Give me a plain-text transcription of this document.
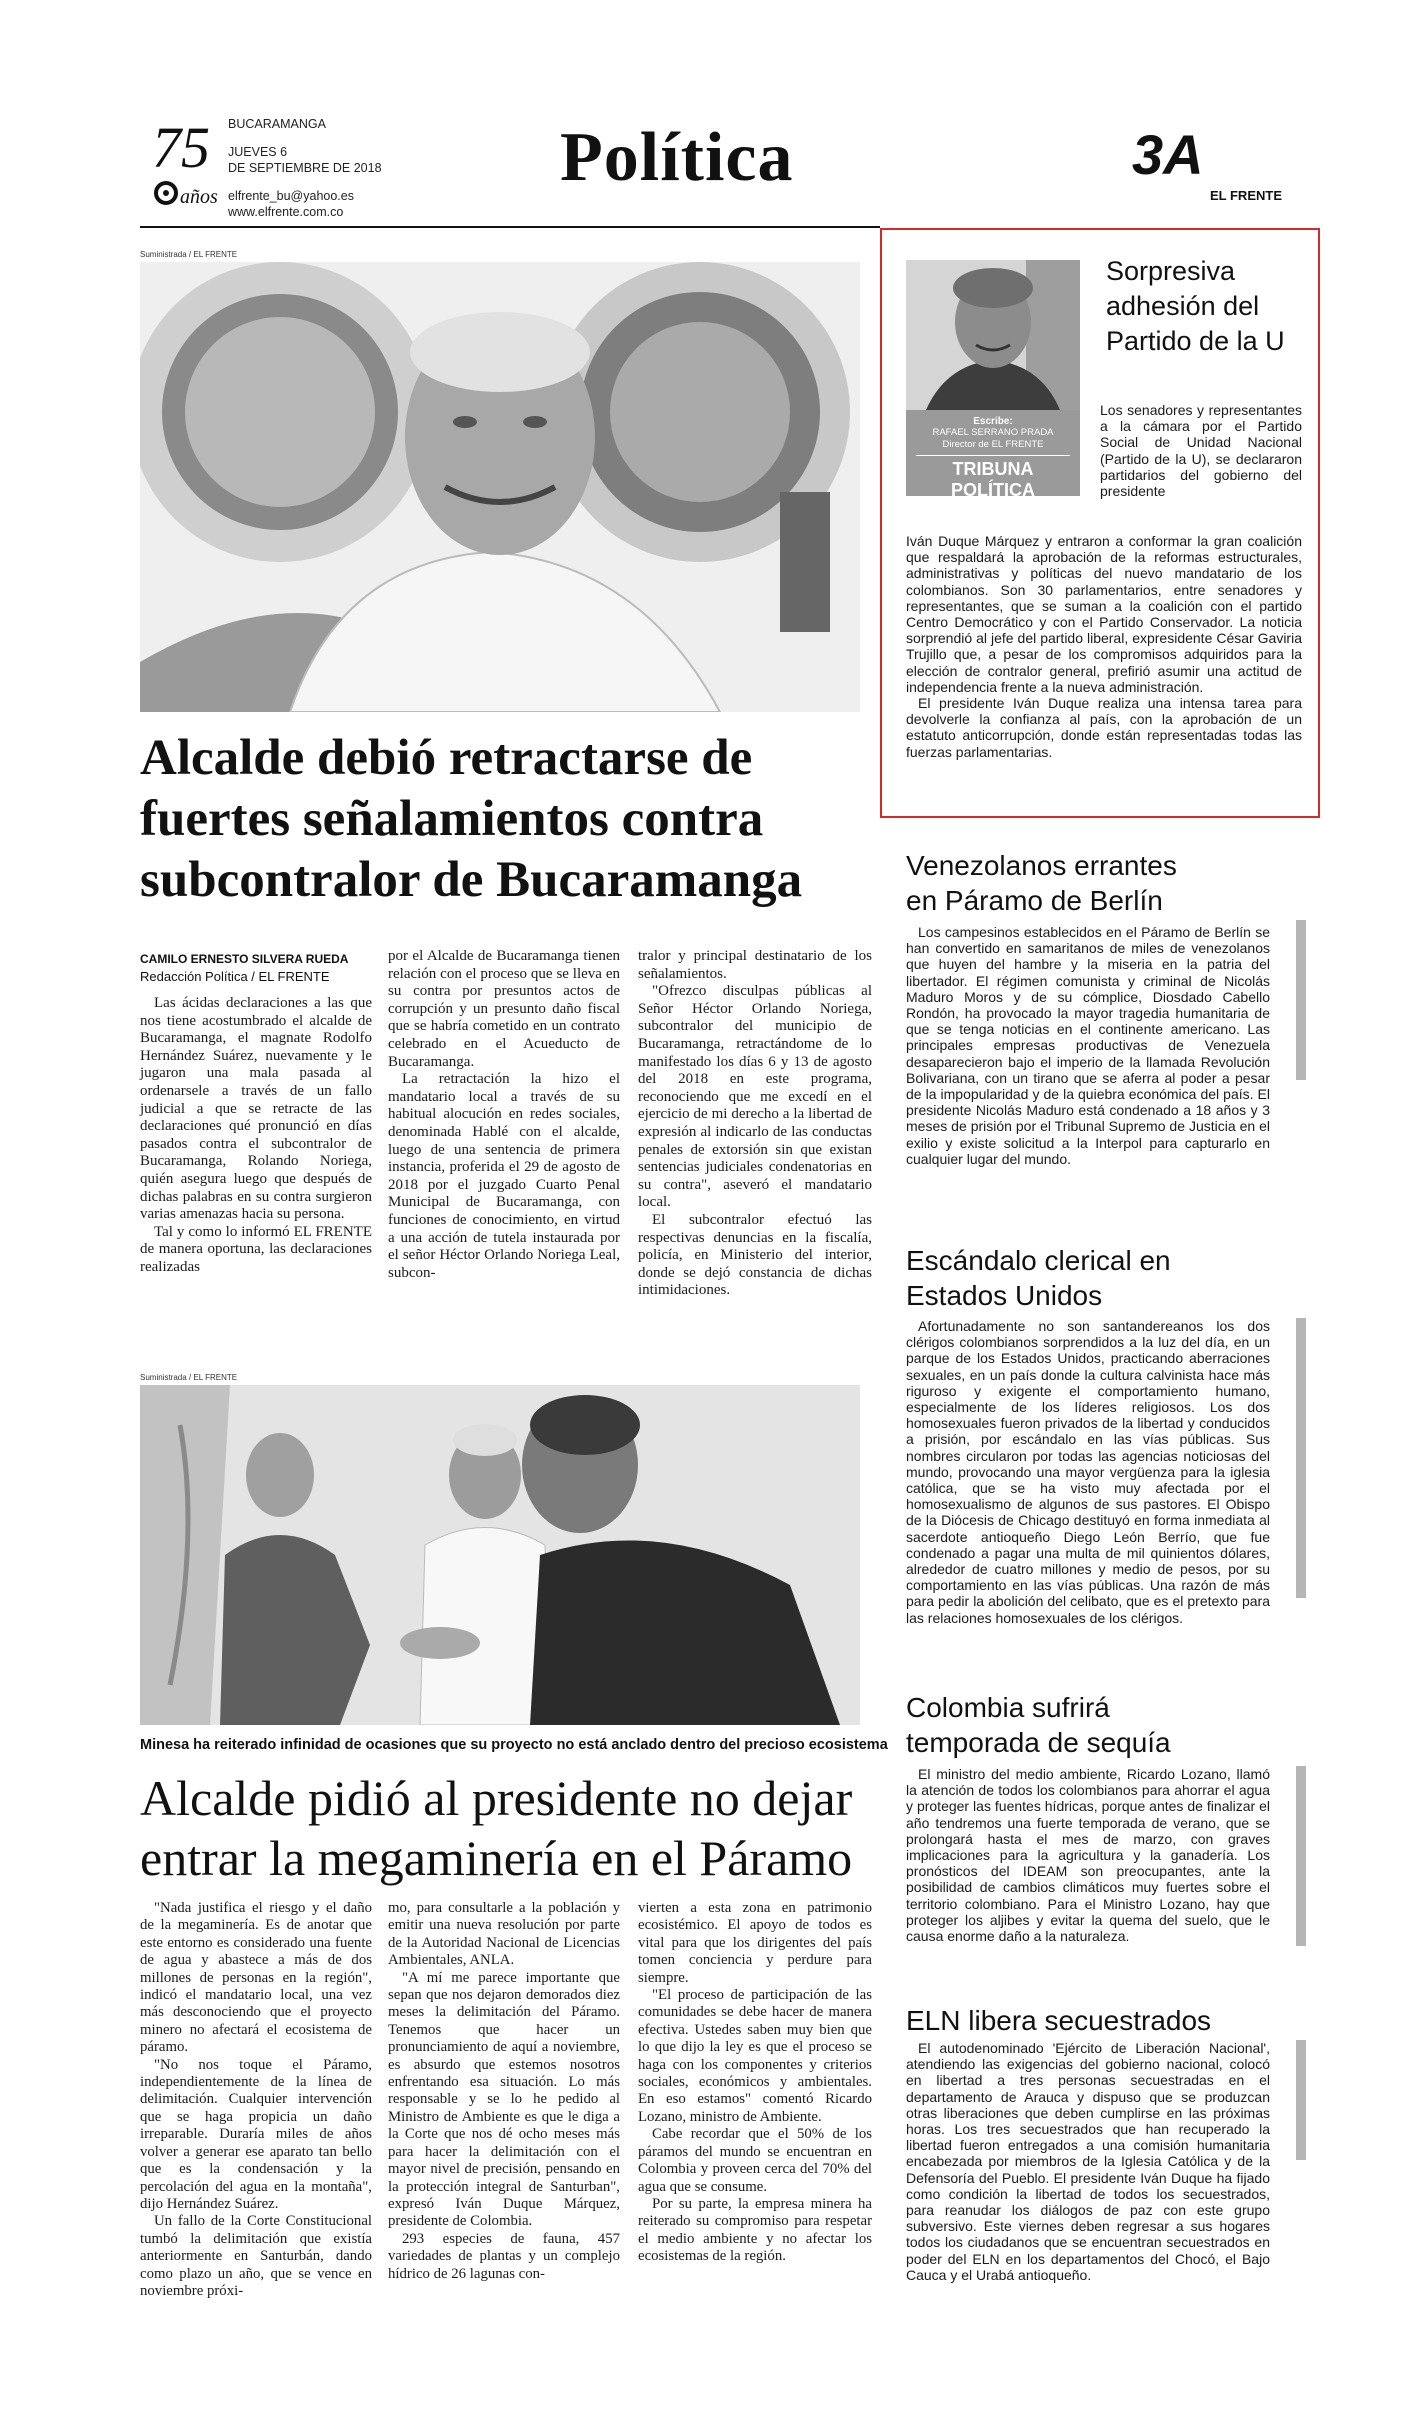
75
años
BUCARAMANGA
JUEVES 6
DE SEPTIEMBRE DE 2018
elfrente_bu@yahoo.es
www.elfrente.com.co
Política	3A
EL FRENTE
Suministrada / EL FRENTE
Alcalde debió retractarse de fuertes señalamientos contra subcontralor de Bucaramanga
CAMILO ERNESTO SILVERA RUEDA
Redacción Política / EL FRENTE

Las ácidas declaraciones a las que nos tiene acostumbrado el alcalde de Bucaramanga, el magnate Rodolfo Hernández Suárez, nuevamente y le jugaron una mala pasada al ordenarsele a través de un fallo judicial a que se retracte de las declaraciones qué pronunció en días pasados contra el subcontralor de Bucaramanga, Rolando Noriega, quién asegura luego que después de dichas palabras en su contra surgieron varias amenazas hacia su persona.

Tal y como lo informó EL FRENTE de manera oportuna, las declaraciones realizadas

por el Alcalde de Bucaramanga tienen relación con el proceso que se lleva en su contra por presuntos actos de corrupción y un presunto daño fiscal que se habría cometido en un contrato celebrado en el Acueducto de Bucaramanga.

La retractación la hizo el mandatario local a través de su habitual alocución en redes sociales, denominada Hablé con el alcalde, luego de una sentencia de primera instancia, proferida el 29 de agosto de 2018 por el juzgado Cuarto Penal Municipal de Bucaramanga, con funciones de conocimiento, en virtud a una acción de tutela instaurada por el señor Héctor Orlando Noriega Leal, subcon-

tralor y principal destinatario de los señalamientos.

"Ofrezco disculpas públicas al Señor Héctor Orlando Noriega, subcontralor del municipio de Bucaramanga, retractándome de lo manifestado los días 6 y 13 de agosto del 2018 en este programa, reconociendo que me excedí en el ejercicio de mi derecho a la libertad de expresión al indicarlo de las conductas penales de extorsión sin que existan sentencias judiciales condenatorias en su contra", aseveró el mandatario local.

El subcontralor efectuó las respectivas denuncias en la fiscalía, policía, en Ministerio del interior, donde se dejó constancia de dichas intimidaciones.

Suministrada / EL FRENTE
Minesa ha reiterado infinidad de ocasiones que su proyecto no está anclado dentro del precioso ecosistema
Alcalde pidió al presidente no dejar entrar la megaminería en el Páramo

"Nada justifica el riesgo y el daño de la megaminería. Es de anotar que este entorno es considerado una fuente de agua y abastece a más de dos millones de personas en la región", indicó el mandatario local, una vez más desconociendo que el proyecto minero no afectará el ecosistema de páramo.

"No nos toque el Páramo, independientemente de la línea de delimitación. Cualquier intervención que se haga propicia un daño irreparable. Duraría miles de años volver a generar ese aparato tan bello que es la condensación y la percolación del agua en la montaña", dijo Hernández Suárez.

Un fallo de la Corte Constitucional tumbó la delimitación que existía anteriormente en Santurbán, dando como plazo un año, que se vence en noviembre próxi-

mo, para consultarle a la población y emitir una nueva resolución por parte de la Autoridad Nacional de Licencias Ambientales, ANLA.

"A mí me parece importante que sepan que nos dejaron demorados diez meses la delimitación del Páramo. Tenemos que hacer un pronunciamiento de aquí a noviembre, es absurdo que estemos nosotros enfrentando esa situación. Lo más responsable y se lo he pedido al Ministro de Ambiente es que le diga a la Corte que nos dé ocho meses más para hacer la delimitación con el mayor nivel de precisión, pensando en la protección integral de Santurban", expresó Iván Duque Márquez, presidente de Colombia.

293 especies de fauna, 457 variedades de plantas y un complejo hídrico de 26 lagunas con-

vierten a esta zona en patrimonio ecosistémico. El apoyo de todos es vital para que los dirigentes del país tomen conciencia y perdure para siempre.

"El proceso de participación de las comunidades se debe hacer de manera efectiva. Ustedes saben muy bien que lo que dijo la ley es que el proceso se haga con los componentes y criterios sociales, económicos y ambientales. En eso estamos" comentó Ricardo Lozano, ministro de Ambiente.

Cabe recordar que el 50% de los páramos del mundo se encuentran en Colombia y proveen cerca del 70% del agua que se consume.

Por su parte, la empresa minera ha reiterado su compromiso para respetar el medio ambiente y no afectar los ecosistemas de la región.

Escribe:
RAFAEL SERRANO PRADA
Director de EL FRENTE
TRIBUNA POLÍTICA
Sorpresiva adhesión del Partido de la U
Los senadores y representantes a la cámara por el Partido Social de Unidad Nacional (Partido de la U), se declararon partidarios del gobierno del presidente

Iván Duque Márquez y entraron a conformar la gran coalición que respaldará la aprobación de la reformas estructurales, administrativas y políticas del nuevo mandatario de los colombianos. Son 30 parlamentarios, entre senadores y representantes, que se suman a la coalición con el partido Centro Democrático y con el Partido Conservador. La noticia sorprendió al jefe del partido liberal, expresidente César Gaviria Trujillo que, a pesar de los compromisos adquiridos para la elección de contralor general, prefirió asumir una actitud de independencia frente a la nueva administración.

El presidente Iván Duque realiza una intensa tarea para devolverle la confianza al país, con la aprobación de un estatuto anticorrupción, donde están representadas todas las fuerzas parlamentarias.

Venezolanos errantes en Páramo de Berlín

Los campesinos establecidos en el Páramo de Berlín se han convertido en samaritanos de miles de venezolanos que huyen del hambre y la miseria en la patria del libertador. El régimen comunista y criminal de Nicolás Maduro Moros y de su cómplice, Diosdado Cabello Rondón, ha provocado la mayor tragedia humanitaria de que se tenga noticias en el continente americano. Las principales empresas productivas de Venezuela desaparecieron bajo el imperio de la llamada Revolución Bolivariana, con un tirano que se aferra al poder a pesar de la impopularidad y de la quiebra económica del país. El presidente Nicolás Maduro está condenado a 18 años y 3 meses de prisión por el Tribunal Supremo de Justicia en el exilio y existe solicitud a la Interpol para capturarlo en cualquier lugar del mundo.

Escándalo clerical en Estados Unidos

Afortunadamente no son santandereanos los dos clérigos colombianos sorprendidos a la luz del día, en un parque de los Estados Unidos, practicando aberraciones sexuales, en un país donde la cultura calvinista hace más riguroso y exigente el comportamiento humano, especialmente de los líderes religiosos. Los dos homosexuales fueron privados de la libertad y conducidos a prisión, por escándalo en las vías públicas. Sus nombres circularon por todas las agencias noticiosas del mundo, provocando una mayor vergüenza para la iglesia católica, que se ha visto muy afectada por el homosexualismo de algunos de sus pastores. El Obispo de la Diócesis de Chicago destituyó en forma inmediata al sacerdote antioqueño Diego León Berrío, que fue condenado a pagar una multa de mil quinientos dólares, alrededor de cuatro millones y medio de pesos, por su comportamiento en las vías públicas. Una razón de más para pedir la abolición del celibato, que es el pretexto para las relaciones homosexuales de los clérigos.

Colombia sufrirá temporada de sequía

El ministro del medio ambiente, Ricardo Lozano, llamó la atención de todos los colombianos para ahorrar el agua y proteger las fuentes hídricas, porque antes de finalizar el año tendremos una fuerte temporada de verano, que se prolongará hasta el mes de marzo, con graves implicaciones para la agricultura y la ganadería. Los pronósticos del IDEAM son preocupantes, ante la posibilidad de cambios climáticos muy fuertes sobre el territorio colombiano. Para el Ministro Lozano, hay que proteger los aljibes y evitar la quema del suelo, que le causa enorme daño a la naturaleza.

ELN libera secuestrados

El autodenominado 'Ejército de Liberación Nacional', atendiendo las exigencias del gobierno nacional, colocó en libertad a tres personas secuestradas en el departamento de Arauca y dispuso que se produzcan otras liberaciones que deben cumplirse en las próximas horas. Los tres secuestrados que han recuperado la libertad fueron entregados a una comisión humanitaria encabezada por miembros de la Iglesia Católica y de la Defensoría del Pueblo. El presidente Iván Duque ha fijado como condición la libertad de todos los secuestrados, para reanudar los diálogos de paz con este grupo subversivo. Este viernes deben regresar a sus hogares todos los ciudadanos que se encuentran secuestrados en poder del ELN en los departamentos del Chocó, el Bajo Cauca y el Urabá antioqueño.
